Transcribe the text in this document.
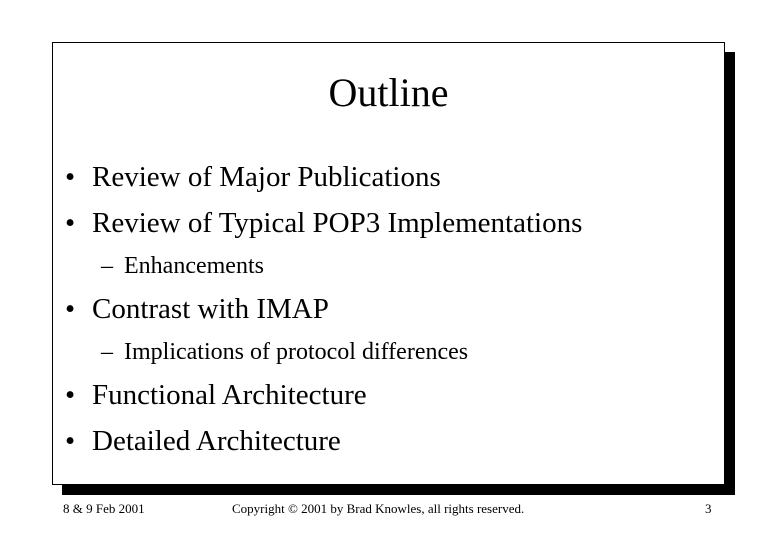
Outline
• Review of Major Publications
• Review of Typical POP3 Implementations
– Enhancements
• Contrast with IMAP
– Implications of protocol differences
• Functional Architecture
• Detailed Architecture
8 & 9 Feb 2001	Copyright © 2001 by Brad Knowles, all rights reserved.	3
